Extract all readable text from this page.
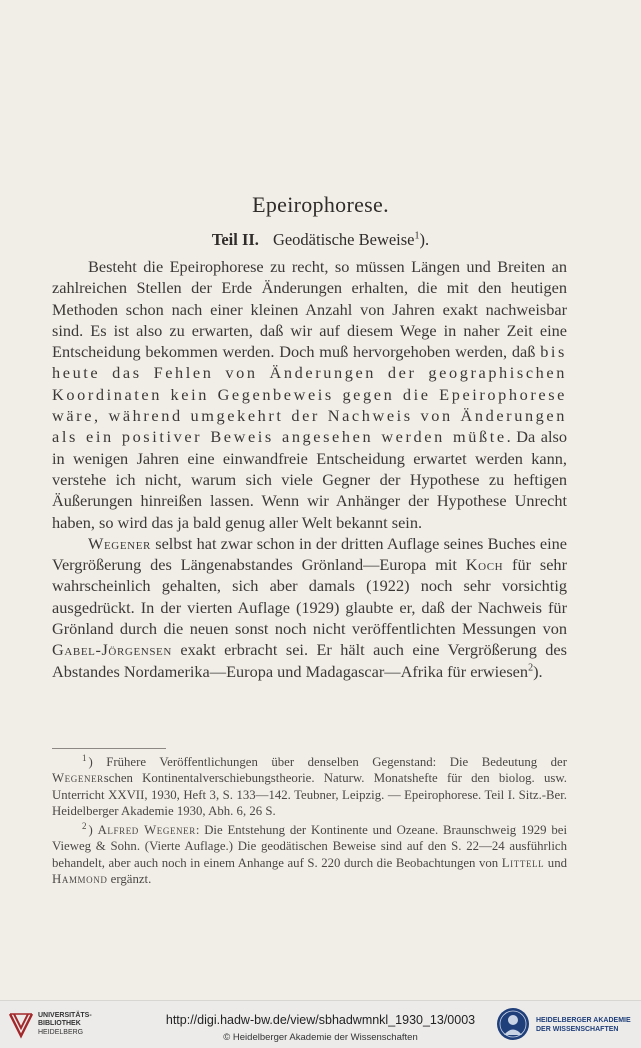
Epeirophorese.
Teil II. Geodätische Beweise$^1$).

Besteht die Epeirophorese zu recht, so müssen Längen und Breiten an zahlreichen Stellen der Erde Änderungen erhalten, die mit den heutigen Methoden schon nach einer kleinen Anzahl von Jahren exakt nachweisbar sind. Es ist also zu erwarten, daß wir auf diesem Wege in naher Zeit eine Entscheidung bekommen werden. Doch muß hervorgehoben werden, daß bis heute das Fehlen von Änderungen der geographischen Koordinaten kein Gegenbeweis gegen die Epeirophorese wäre, während umgekehrt der Nachweis von Änderungen als ein positiver Beweis angesehen werden müßte. Da also in wenigen Jahren eine einwandfreie Entscheidung erwartet werden kann, verstehe ich nicht, warum sich viele Gegner der Hypothese zu heftigen Äußerungen hinreißen lassen. Wenn wir Anhänger der Hypothese Unrecht haben, so wird das ja bald genug aller Welt bekannt sein.

Wegener selbst hat zwar schon in der dritten Auflage seines Buches eine Vergrößerung des Längenabstandes Grönland—Europa mit Koch für sehr wahrscheinlich gehalten, sich aber damals (1922) noch sehr vorsichtig ausgedrückt. In der vierten Auflage (1929) glaubte er, daß der Nachweis für Grönland durch die neuen sonst noch nicht veröffentlichten Messungen von Gabel-Jörgensen exakt erbracht sei. Er hält auch eine Vergrößerung des Abstandes Nordamerika—Europa und Madagascar—Afrika für erwiesen$^2$).

$^1$ ) Frühere Veröffentlichungen über denselben Gegenstand: Die Bedeutung der Wegenerschen Kontinentalverschiebungstheorie. Naturw. Monatshefte für den biolog. usw. Unterricht XXVII, 1930, Heft 3, S. 133—142. Teubner, Leipzig. — Epeirophorese. Teil I. Sitz.-Ber. Heidelberger Akademie 1930, Abh. 6, 26 S.

$^2$ ) Alfred Wegener: Die Entstehung der Kontinente und Ozeane. Braunschweig 1929 bei Vieweg & Sohn. (Vierte Auflage.) Die geodätischen Beweise sind auf den S. 22—24 ausführlich behandelt, aber auch noch in einem Anhange auf S. 220 durch die Beobachtungen von Littell und Hammond ergänzt.

UNIVERSITÄTS-
BIBLIOTHEK
HEIDELBERG
http://digi.hadw-bw.de/view/sbhadwmnkl_1930_13/0003
© Heidelberger Akademie der Wissenschaften
HEIDELBERGER AKADEMIE
DER WISSENSCHAFTEN
